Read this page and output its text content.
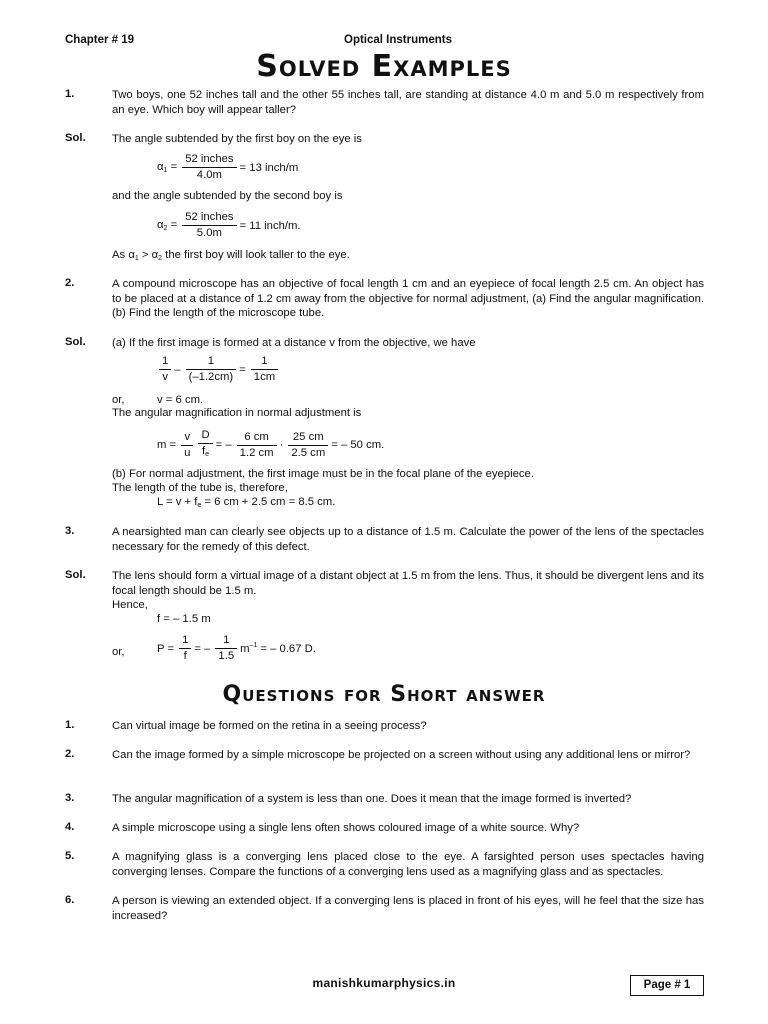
Chapter # 19	Optical Instruments
Solved Examples
1.	Two boys, one 52 inches tall and the other 55 inches tall, are standing at distance 4.0 m and 5.0 m respectively from an eye. Which boy will appear taller?
Sol. The angle subtended by the first boy on the eye is
$\alpha_1 = \frac{\text{52 inches}}{4.0m} = 13$ inch/m
and the angle subtended by the second boy is
$\alpha_2 = \frac{\text{52 inches}}{5.0m} = 11$ inch/m.
As $\alpha_1 > \alpha_2$ the first boy will look taller to the eye.
2.	A compound microscope has an objective of focal length 1 cm and an eyepiece of focal length 2.5 cm. An object has to be placed at a distance of 1.2 cm away from the objective for normal adjustment, (a) Find the angular magnification. (b) Find the length of the microscope tube.
Sol. (a) If the first image is formed at a distance v from the objective, we have
$\frac{1}{v} - \frac{1}{(-1.2cm)} = \frac{1}{1cm}$
or,	v = 6 cm.
The angular magnification in normal adjustment is
$m = \frac{v}{u} \frac{D}{f_e}$ = – $\frac{6 cm}{1.2 cm} \cdot \frac{25 cm}{2.5 cm}$ = – 50 cm.
(b) For normal adjustment, the first image must be in the focal plane of the eyepiece.
The length of the tube is, therefore,
$L = v + f_e = 6$ cm + 2.5 cm = 8.5 cm.
3.	A nearsighted man can clearly see objects up to a distance of 1.5 m. Calculate the power of the lens of the spectacles necessary for the remedy of this defect.
Sol. The lens should form a virtual image of a distant object at 1.5 m from the lens. Thus, it should be divergent lens and its focal length should be 1.5 m.
Hence,
f = – 1.5 m
or,	$P = \frac{1}{f}$ = – $\frac{1}{1.5} m^{-1}$ = – 0.67 D.
Questions for Short answer
1.	Can virtual image be formed on the retina in a seeing process?
2.	Can the image formed by a simple microscope be projected on a screen without using any additional lens or mirror?
3.	The angular magnification of a system is less than one. Does it mean that the image formed is inverted?
4.	A simple microscope using a single lens often shows coloured image of a white source. Why?
5.	A magnifying glass is a converging lens placed close to the eye. A farsighted person uses spectacles having converging lenses. Compare the functions of a converging lens used as a magnifying glass and as spectacles.
6.	A person is viewing an extended object. If a converging lens is placed in front of his eyes, will he feel that the size has increased?
manishkumarphysics.in	Page # 1
